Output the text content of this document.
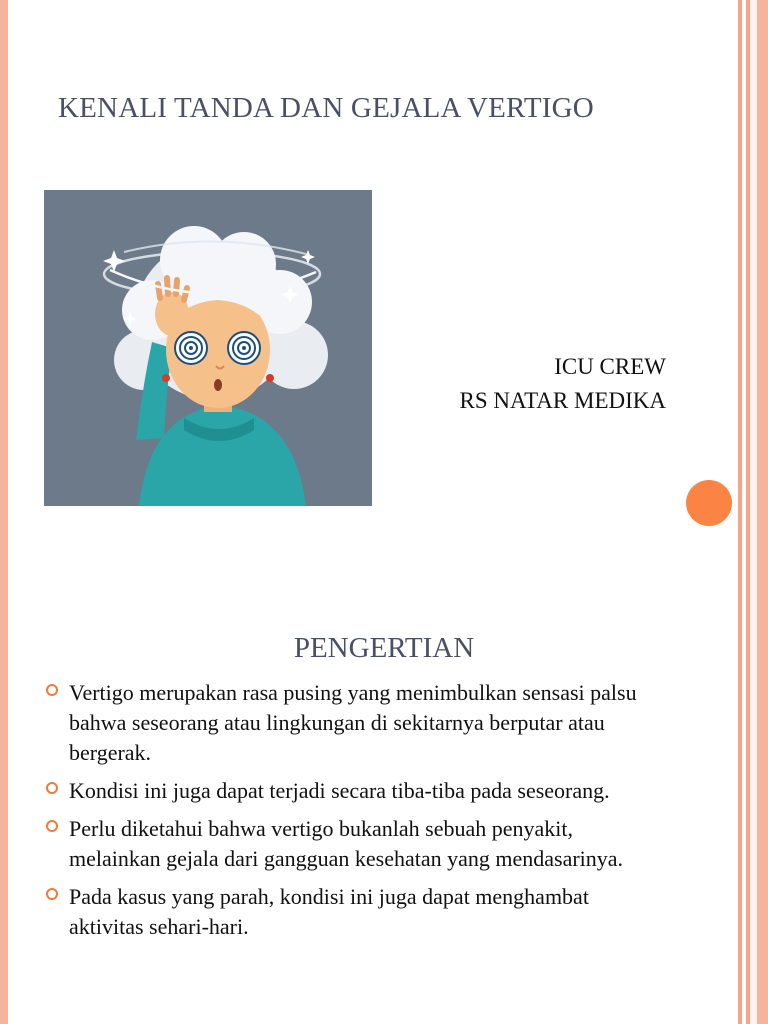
KENALI TANDA DAN GEJALA VERTIGO
ICU CREW
RS NATAR MEDIKA
PENGERTIAN
Vertigo merupakan rasa pusing yang menimbulkan sensasi palsu bahwa seseorang atau lingkungan di sekitarnya berputar atau bergerak.
Kondisi ini juga dapat terjadi secara tiba-tiba pada seseorang.
Perlu diketahui bahwa vertigo bukanlah sebuah penyakit, melainkan gejala dari gangguan kesehatan yang mendasarinya.
Pada kasus yang parah, kondisi ini juga dapat menghambat aktivitas sehari-hari.
